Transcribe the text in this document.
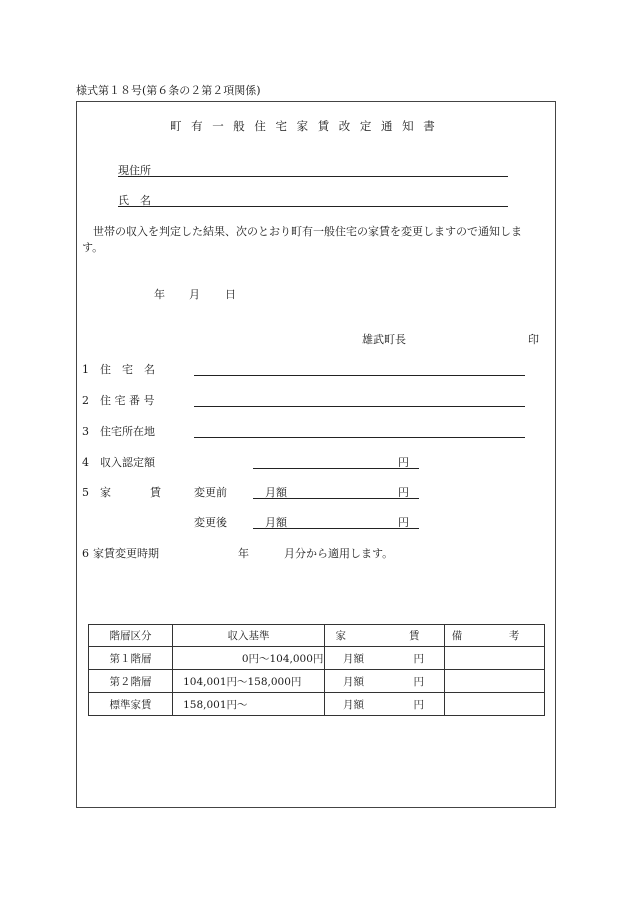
様式第１８号(第６条の２第２項関係)
町有一般住宅家賃改定通知書
現住所
氏　名
　世帯の収入を判定した結果、次のとおり町有一般住宅の家賃を変更しますので通知しま
す。
年 月 日
雄武町長	印
1 住　宅　名
2 住 宅 番 号
3 住宅所在地
4 収入認定額	円
5 家	賃	変更前	月額	円
変更後	月額	円
6 家賃変更時期	年	月分から適用します。
階層区分	収入基準	家　　賃	備　考
第１階層	0円 ～ 104,000円	月額 円	

第２階層	104,001円 ～ 158,000円	月額 円	

標準家賃	158,001円 ～	月額 円	
